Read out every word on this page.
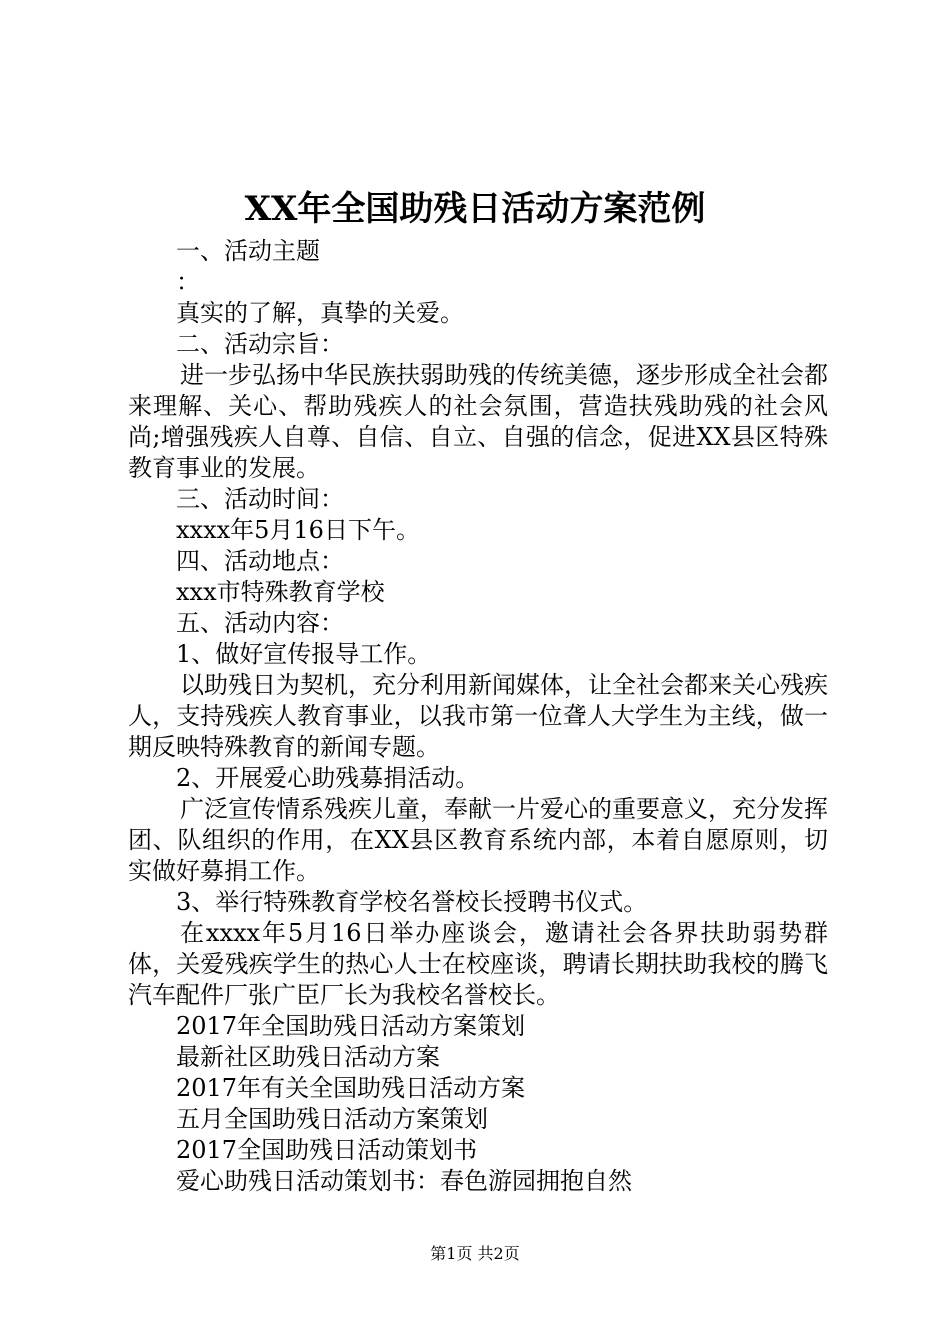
XX年全国助残日活动方案范例

一、活动主题

：

真实的了解，真挚的关爱。

二、活动宗旨：

进一步弘扬中华民族扶弱助残的传统美德，逐步形成全社会都来理解、关心、帮助残疾人的社会氛围，营造扶残助残的社会风尚;增强残疾人自尊、自信、自立、自强的信念，促进XX县区特殊教育事业的发展。

三、活动时间：

xxxx年5月16日下午。

四、活动地点：

xxx市特殊教育学校

五、活动内容：

1、做好宣传报导工作。

以助残日为契机，充分利用新闻媒体，让全社会都来关心残疾人，支持残疾人教育事业，以我市第一位聋人大学生为主线，做一期反映特殊教育的新闻专题。

2、开展爱心助残募捐活动。

广泛宣传情系残疾儿童，奉献一片爱心的重要意义，充分发挥团、队组织的作用，在XX县区教育系统内部，本着自愿原则，切实做好募捐工作。

3、举行特殊教育学校名誉校长授聘书仪式。

在xxxx年5月16日举办座谈会，邀请社会各界扶助弱势群体，关爱残疾学生的热心人士在校座谈，聘请长期扶助我校的腾飞汽车配件厂张广臣厂长为我校名誉校长。

2017年全国助残日活动方案策划

最新社区助残日活动方案

2017年有关全国助残日活动方案

五月全国助残日活动方案策划

2017全国助残日活动策划书

爱心助残日活动策划书：春色游园拥抱自然

第1页 共2页
